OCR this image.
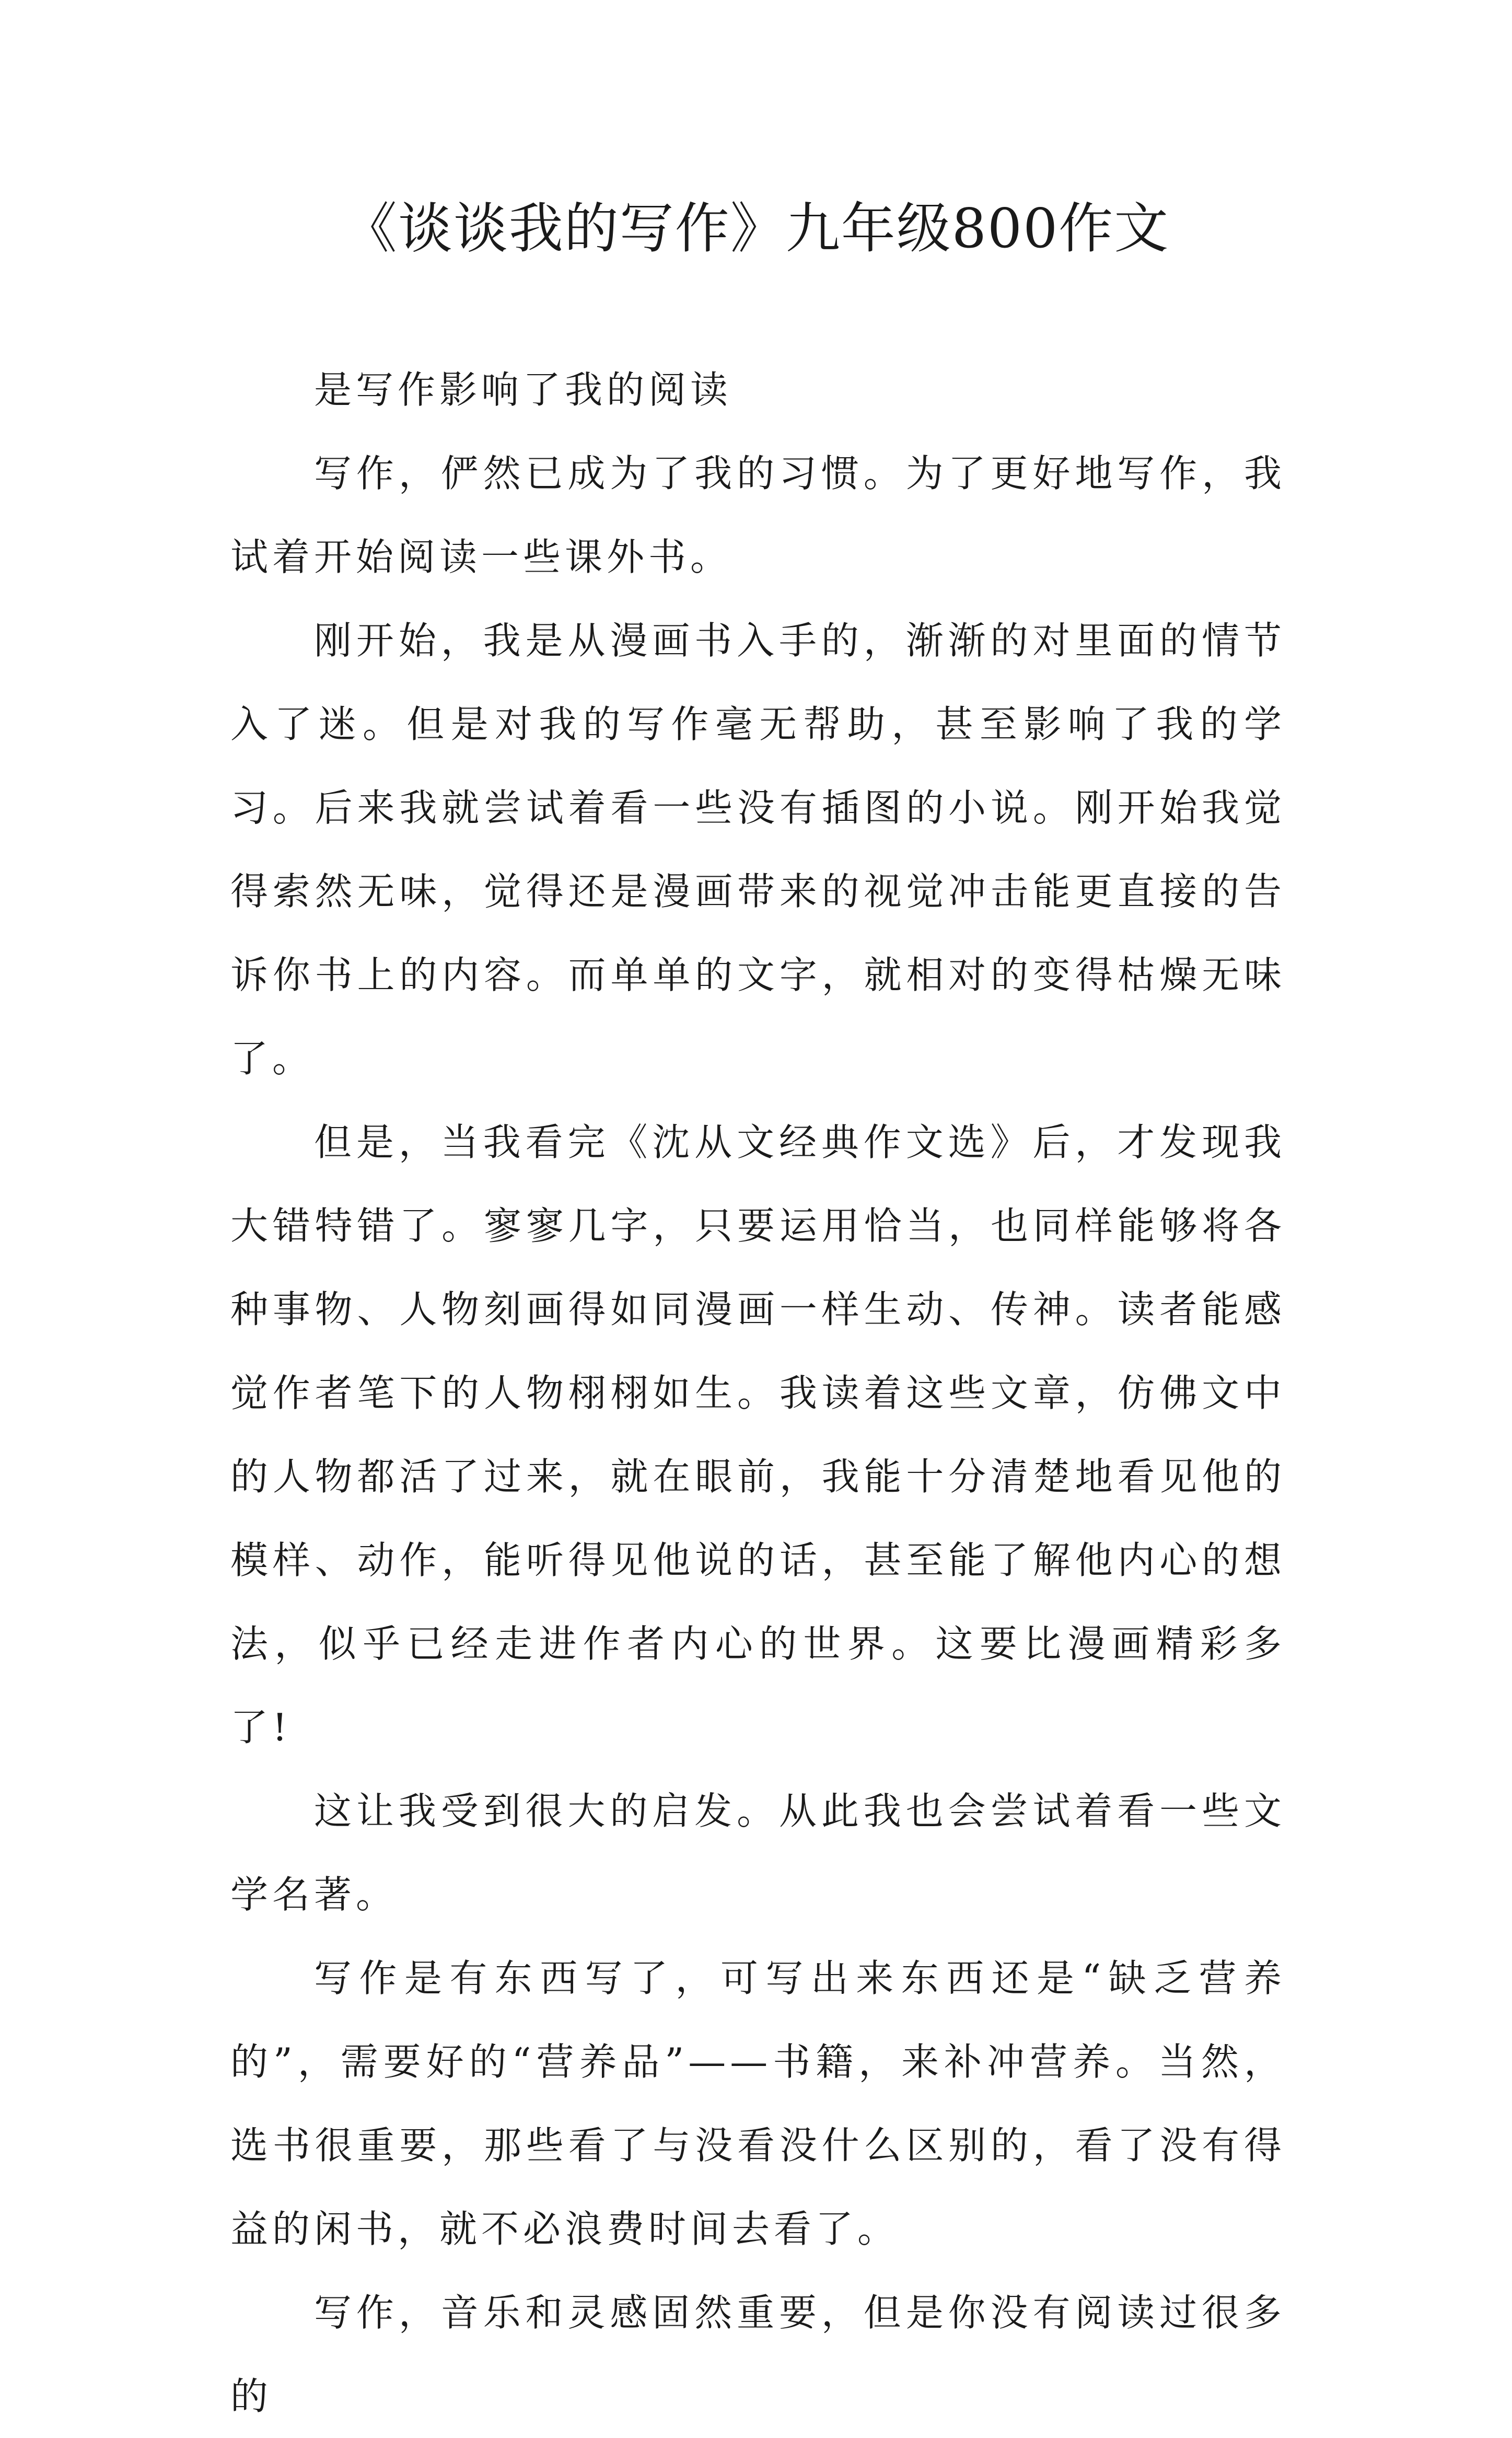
《谈谈我的写作》九年级800作文

是写作影响了我的阅读

写作，俨然已成为了我的习惯。为了更好地写作，我试着开始阅读一些课外书。

刚开始，我是从漫画书入手的，渐渐的对里面的情节入了迷。但是对我的写作毫无帮助，甚至影响了我的学习。后来我就尝试着看一些没有插图的小说。刚开始我觉得索然无味，觉得还是漫画带来的视觉冲击能更直接的告诉你书上的内容。而单单的文字，就相对的变得枯燥无味了。

但是，当我看完《沈从文经典作文选》后，才发现我大错特错了。寥寥几字，只要运用恰当，也同样能够将各种事物、人物刻画得如同漫画一样生动、传神。读者能感觉作者笔下的人物栩栩如生。我读着这些文章，仿佛文中的人物都活了过来，就在眼前，我能十分清楚地看见他的模样、动作，能听得见他说的话，甚至能了解他内心的想法，似乎已经走进作者内心的世界。这要比漫画精彩多了!

这让我受到很大的启发。从此我也会尝试着看一些文学名著。

写作是有东西写了，可写出来东西还是“缺乏营养的”，需要好的“营养品”——书籍，来补冲营养。当然，选书很重要，那些看了与没看没什么区别的，看了没有得益的闲书，就不必浪费时间去看了。

写作，音乐和灵感固然重要，但是你没有阅读过很多的
